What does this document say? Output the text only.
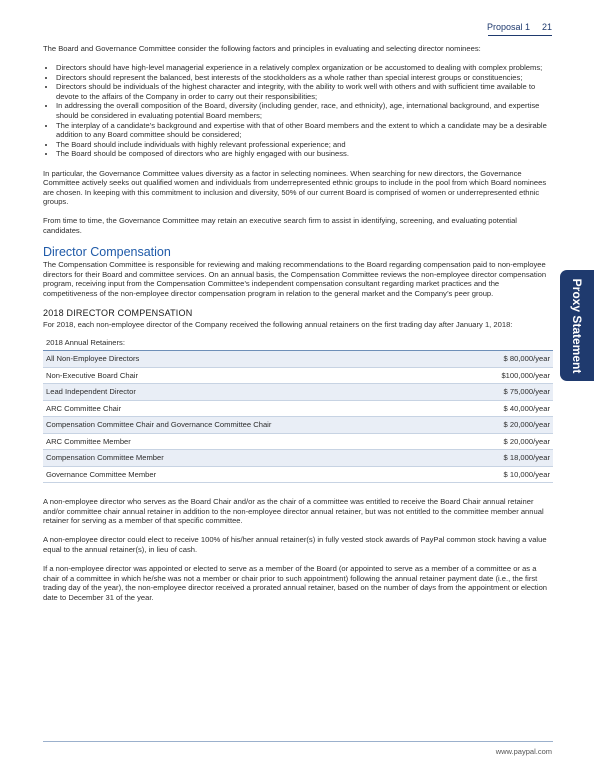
Proposal 1 21

The Board and Governance Committee consider the following factors and principles in evaluating and selecting director nominees:

• Directors should have high-level managerial experience in a relatively complex organization or be accustomed to dealing with complex problems;
• Directors should represent the balanced, best interests of the stockholders as a whole rather than special interest groups or constituencies;
• Directors should be individuals of the highest character and integrity, with the ability to work well with others and with sufficient time available to devote to the affairs of the Company in order to carry out their responsibilities;
• In addressing the overall composition of the Board, diversity (including gender, race, and ethnicity), age, international background, and expertise should be considered in evaluating potential Board members;
• The interplay of a candidate’s background and expertise with that of other Board members and the extent to which a candidate may be a desirable addition to any Board committee should be considered;
• The Board should include individuals with highly relevant professional experience; and
• The Board should be composed of directors who are highly engaged with our business.

In particular, the Governance Committee values diversity as a factor in selecting nominees. When searching for new directors, the Governance Committee actively seeks out qualified women and individuals from underrepresented ethnic groups to include in the pool from which Board nominees are chosen. In keeping with this commitment to inclusion and diversity, 50% of our current Board is comprised of women or underrepresented ethnic groups.

From time to time, the Governance Committee may retain an executive search firm to assist in identifying, screening, and evaluating potential candidates.

Director Compensation

The Compensation Committee is responsible for reviewing and making recommendations to the Board regarding compensation paid to non-employee directors for their Board and committee services. On an annual basis, the Compensation Committee reviews the non-employee director compensation program, receiving input from the Compensation Committee’s independent compensation consultant regarding market practices and the competitiveness of the non-employee director compensation program in relation to the general market and the Company’s peer group.

2018 DIRECTOR COMPENSATION

For 2018, each non-employee director of the Company received the following annual retainers on the first trading day after January 1, 2018:

2018 Annual Retainers:
All Non-Employee Directors	$ 80,000/year
Non-Executive Board Chair	$100,000/year
Lead Independent Director	$ 75,000/year
ARC Committee Chair	$ 40,000/year
Compensation Committee Chair and Governance Committee Chair	$ 20,000/year
ARC Committee Member	$ 20,000/year
Compensation Committee Member	$ 18,000/year
Governance Committee Member	$ 10,000/year

A non-employee director who serves as the Board Chair and/or as the chair of a committee was entitled to receive the Board Chair annual retainer and/or committee chair annual retainer in addition to the non-employee director annual retainer, but was not entitled to the committee member annual retainer for serving as a member of that specific committee.

A non-employee director could elect to receive 100% of his/her annual retainer(s) in fully vested stock awards of PayPal common stock having a value equal to the annual retainer(s), in lieu of cash.

If a non-employee director was appointed or elected to serve as a member of the Board (or appointed to serve as a member of a committee or as a chair of a committee in which he/she was not a member or chair prior to such appointment) following the annual retainer payment date (i.e., the first trading day of the year), the non-employee director received a prorated annual retainer, based on the number of days from the appointment or election date to December 31 of the year.

Proxy Statement
www.paypal.com
